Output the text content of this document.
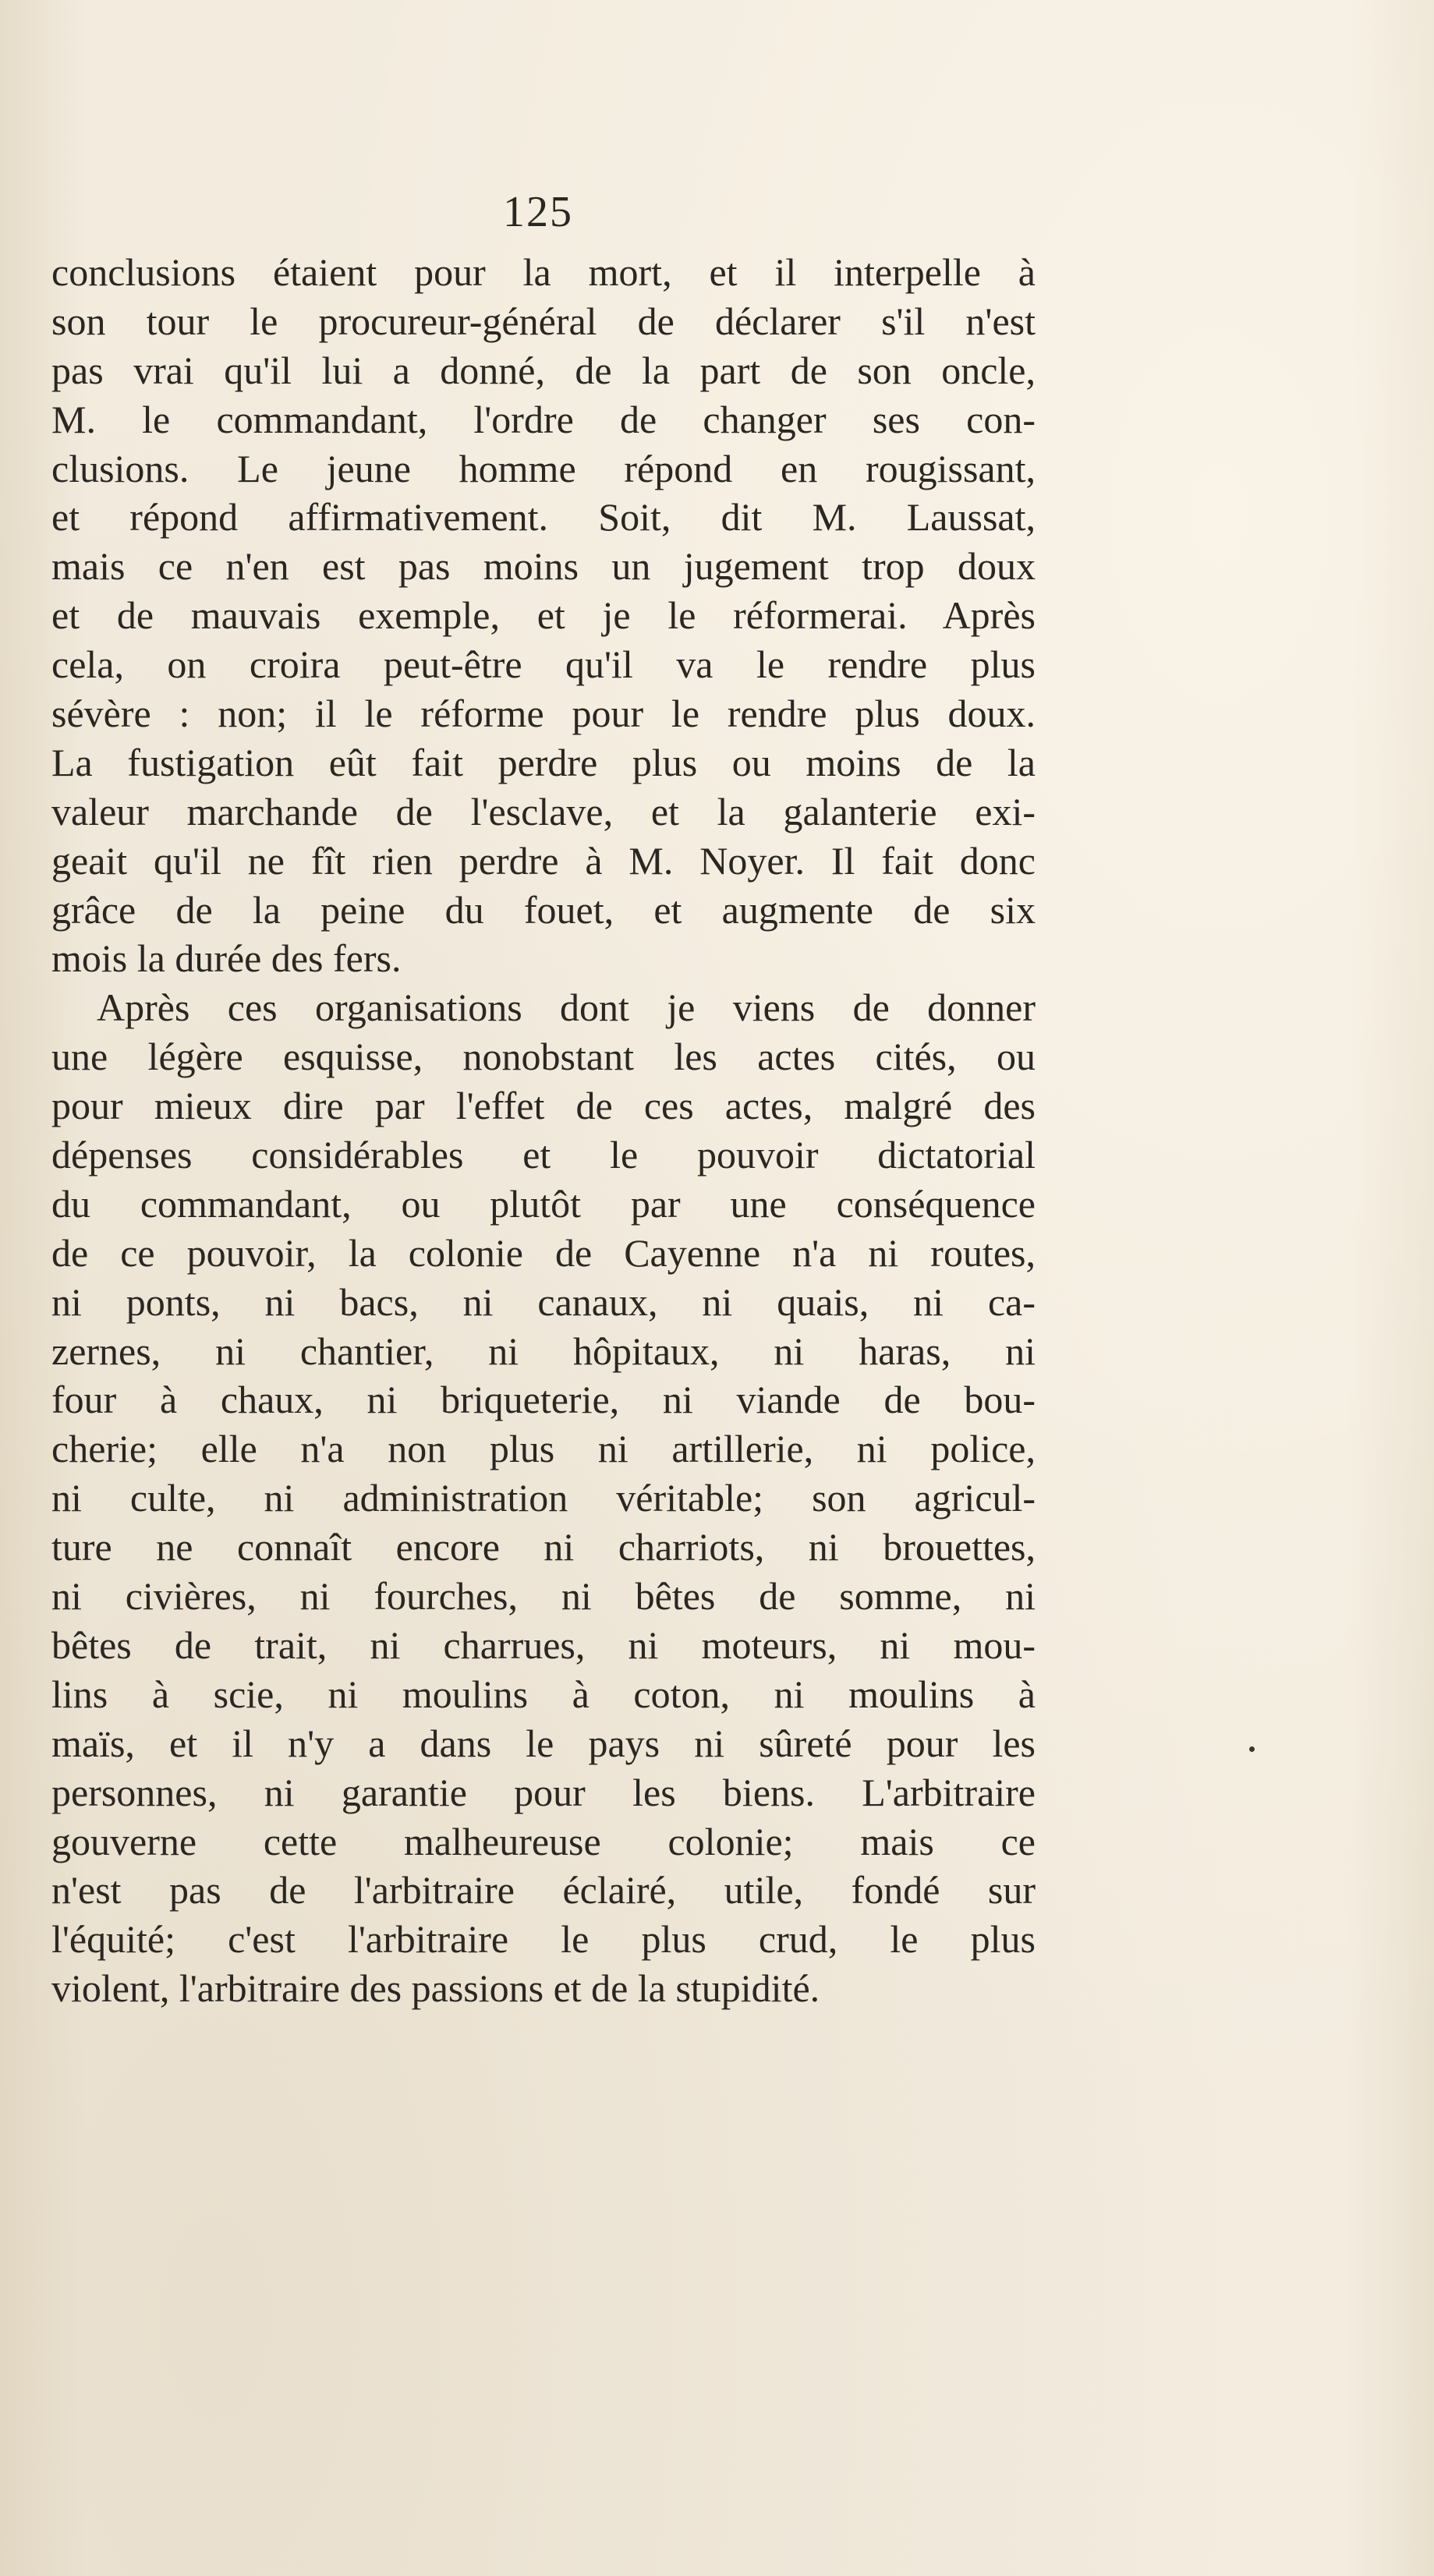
125
conclusions étaient pour la mort, et il interpelle à
son tour le procureur-général de déclarer s'il n'est
pas vrai qu'il lui a donné, de la part de son oncle,
M. le commandant, l'ordre de changer ses con-
clusions. Le jeune homme répond en rougissant,
et répond affirmativement. Soit, dit M. Laussat,
mais ce n'en est pas moins un jugement trop doux
et de mauvais exemple, et je le réformerai. Après
cela, on croira peut-être qu'il va le rendre plus
sévère : non; il le réforme pour le rendre plus doux.
La fustigation eût fait perdre plus ou moins de la
valeur marchande de l'esclave, et la galanterie exi-
geait qu'il ne fît rien perdre à M. Noyer. Il fait donc
grâce de la peine du fouet, et augmente de six
mois la durée des fers.
Après ces organisations dont je viens de donner
une légère esquisse, nonobstant les actes cités, ou
pour mieux dire par l'effet de ces actes, malgré des
dépenses considérables et le pouvoir dictatorial
du commandant, ou plutôt par une conséquence
de ce pouvoir, la colonie de Cayenne n'a ni routes,
ni ponts, ni bacs, ni canaux, ni quais, ni ca-
zernes, ni chantier, ni hôpitaux, ni haras, ni
four à chaux, ni briqueterie, ni viande de bou-
cherie; elle n'a non plus ni artillerie, ni police,
ni culte, ni administration véritable; son agricul-
ture ne connaît encore ni charriots, ni brouettes,
ni civières, ni fourches, ni bêtes de somme, ni
bêtes de trait, ni charrues, ni moteurs, ni mou-
lins à scie, ni moulins à coton, ni moulins à
maïs, et il n'y a dans le pays ni sûreté pour les
personnes, ni garantie pour les biens. L'arbitraire
gouverne cette malheureuse colonie; mais ce
n'est pas de l'arbitraire éclairé, utile, fondé sur
l'équité; c'est l'arbitraire le plus crud, le plus
violent, l'arbitraire des passions et de la stupidité.
